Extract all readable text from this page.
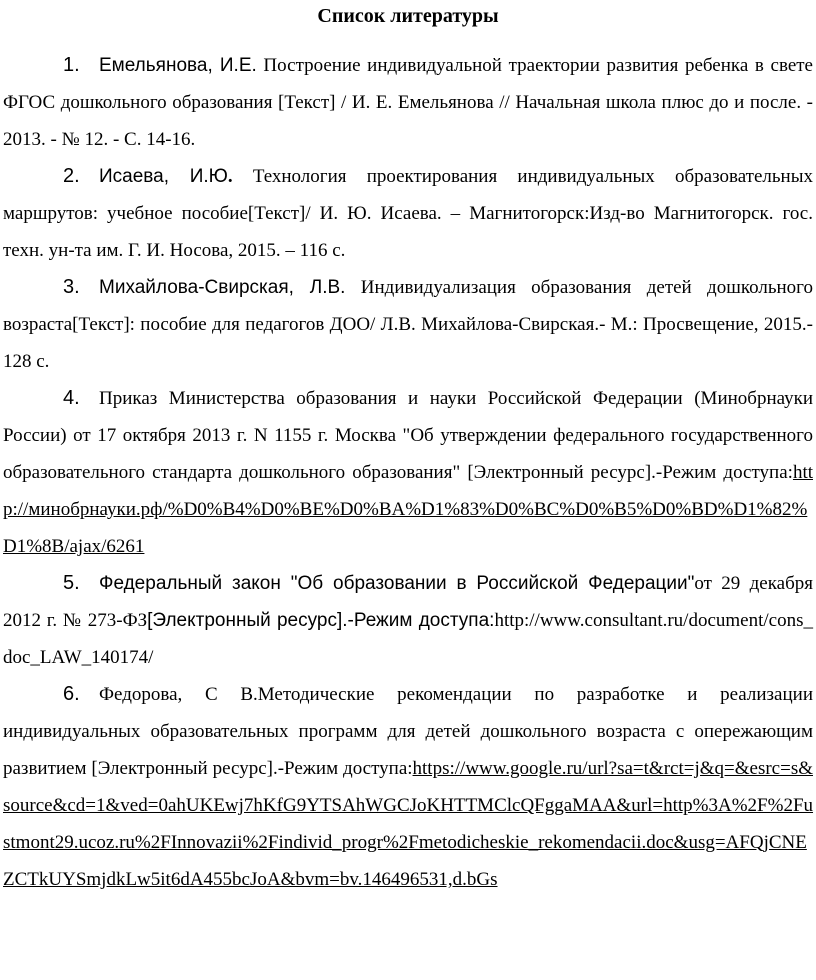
Список литературы

1. Емельянова, И.Е. Построение индивидуальной траектории развития ребенка в свете ФГОС дошкольного образования [Текст] / И. Е. Емельянова // Начальная школа плюс до и после. - 2013. - № 12. - С. 14-16.

2. Исаева, И.Ю. Технология проектирования индивидуальных образовательных маршрутов: учебное пособие[Текст]/ И. Ю. Исаева. – Магнитогорск:Изд-во Магнитогорск. гос. техн. ун-та им. Г. И. Носова, 2015. – 116 с.

3. Михайлова-Свирская, Л.В. Индивидуализация образования детей дошкольного возраста[Текст]: пособие для педагогов ДОО/ Л.В. Михайлова-Свирская.- М.: Просвещение, 2015.- 128 с.

4. Приказ Министерства образования и науки Российской Федерации (Минобрнауки России) от 17 октября 2013 г. N 1155 г. Москва "Об утверждении федерального государственного образовательного стандарта дошкольного образования" [Электронный ресурс].-Режим доступа:http://минобрнауки.рф/%D0%B4%D0%BE%D0%BA%D1%83%D0%BC%D0%B5%D0%BD%D1%82%D1%8B/ajax/6261

5. Федеральный закон "Об образовании в Российской Федерации"от 29 декабря 2012 г. № 273-ФЗ[Электронный ресурс].-Режим доступа:http://www.consultant.ru/document/cons_doc_LAW_140174/

6. Федорова, С В.Методические рекомендации по разработке и реализации индивидуальных образовательных программ для детей дошкольного возраста с опережающим развитием [Электронный ресурс].-Режим доступа:https://www.google.ru/url?sa=t&rct=j&q=&esrc=s&source&cd=1&ved=0ahUKEwj7hKfG9YTSAhWGCJoKHTTMClcQFggaMAA&url=http%3A%2F%2Fustmont29.ucoz.ru%2FInnovazii%2Findivid_progr%2Fmetodicheskie_rekomendacii.doc&usg=AFQjCNEZCTkUYSmjdkLw5it6dA455bcJoA&bvm=bv.146496531,d.bGs
